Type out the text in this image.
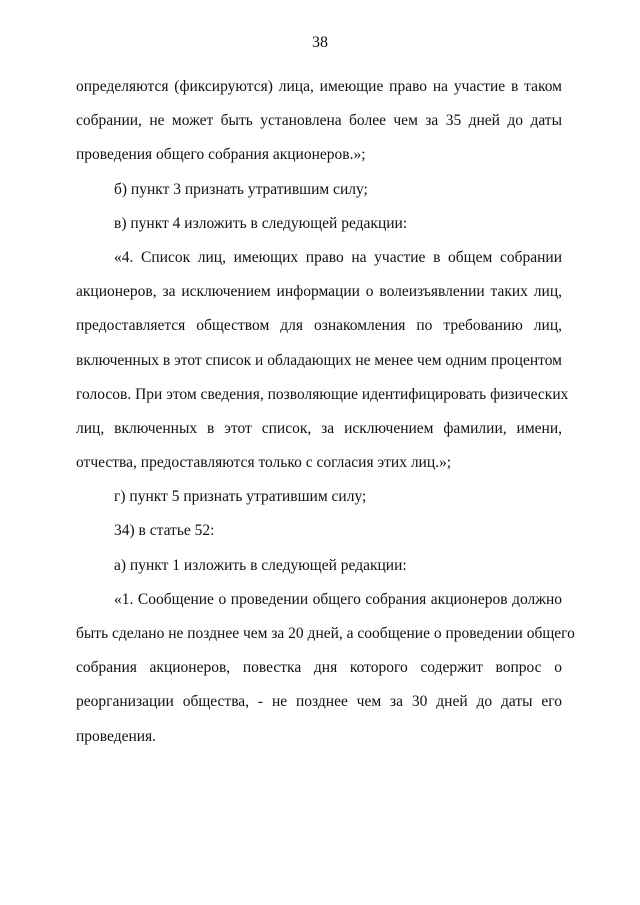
38
определяются (фиксируются) лица, имеющие право на участие в таком
собрании, не может быть установлена более чем за 35 дней до даты
проведения общего собрания акционеров.»;
б) пункт 3 признать утратившим силу;
в) пункт 4 изложить в следующей редакции:
«4. Список лиц, имеющих право на участие в общем собрании
акционеров, за исключением информации о волеизъявлении таких лиц,
предоставляется обществом для ознакомления по требованию лиц,
включенных в этот список и обладающих не менее чем одним процентом
голосов. При этом сведения, позволяющие идентифицировать физических
лиц, включенных в этот список, за исключением фамилии, имени,
отчества, предоставляются только с согласия этих лиц.»;
г) пункт 5 признать утратившим силу;
34) в статье 52:
а) пункт 1 изложить в следующей редакции:
«1. Сообщение о проведении общего собрания акционеров должно
быть сделано не позднее чем за 20 дней, а сообщение о проведении общего
собрания акционеров, повестка дня которого содержит вопрос о
реорганизации общества, - не позднее чем за 30 дней до даты его
проведения.
